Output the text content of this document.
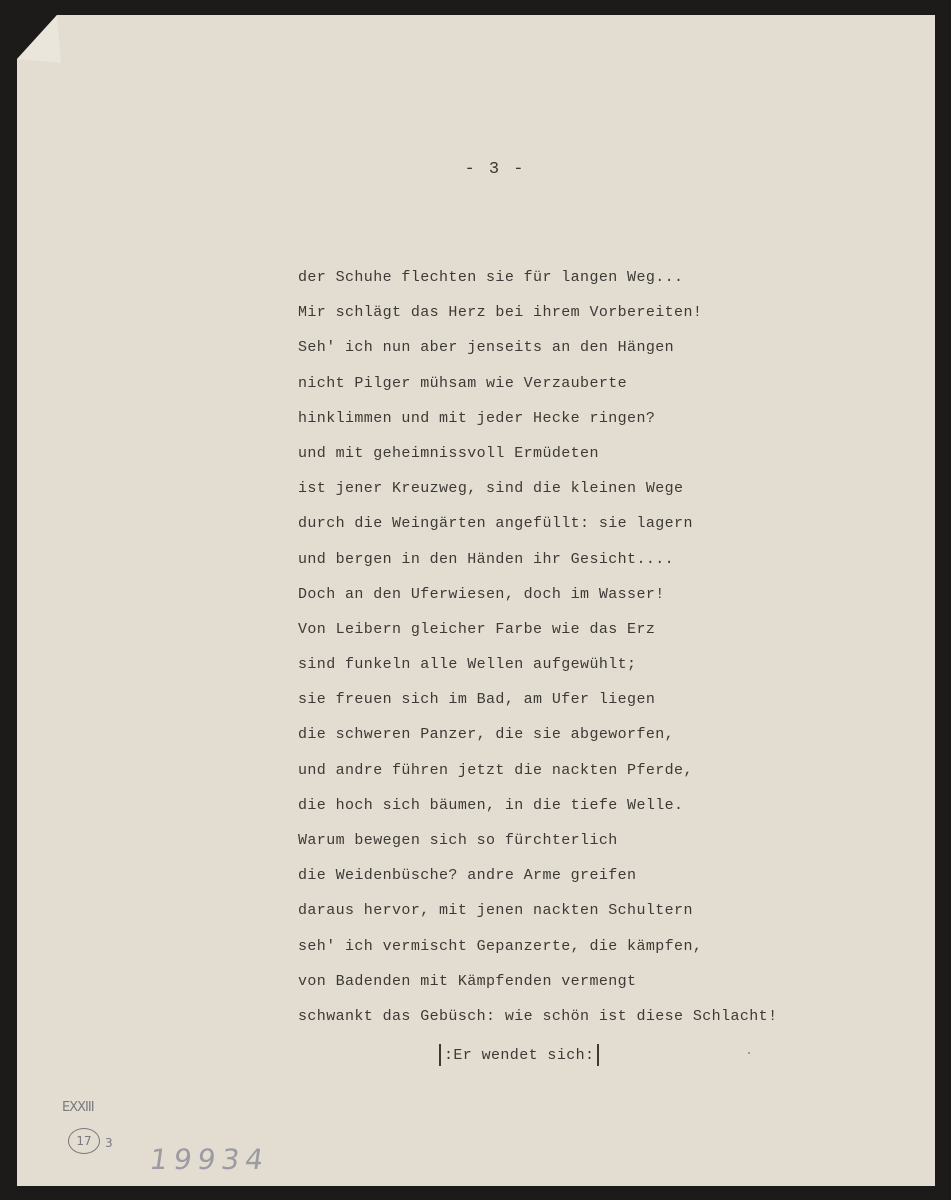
- 3 -
der Schuhe flechten sie für langen Weg...
Mir schlägt das Herz bei ihrem Vorbereiten!
Seh' ich nun aber jenseits an den Hängen
nicht Pilger mühsam wie Verzauberte
hinklimmen und mit jeder Hecke ringen?
und mit geheimnissvoll Ermüdeten
ist jener Kreuzweg, sind die kleinen Wege
durch die Weingärten angefüllt: sie lagern
und bergen in den Händen ihr Gesicht....
Doch an den Uferwiesen, doch im Wasser!
Von Leibern gleicher Farbe wie das Erz
sind funkeln alle Wellen aufgewühlt;
sie freuen sich im Bad, am Ufer liegen
die schweren Panzer, die sie abgeworfen,
und andre führen jetzt die nackten Pferde,
die hoch sich bäumen, in die tiefe Welle.
Warum bewegen sich so fürchterlich
die Weidenbüsche? andre Arme greifen
daraus hervor, mit jenen nackten Schultern
seh' ich vermischt Gepanzerte, die kämpfen,
von Badenden mit Kämpfenden vermengt
schwankt das Gebüsch: wie schön ist diese Schlacht!
:Er wendet sich:
EXXIII
17	3 19934
